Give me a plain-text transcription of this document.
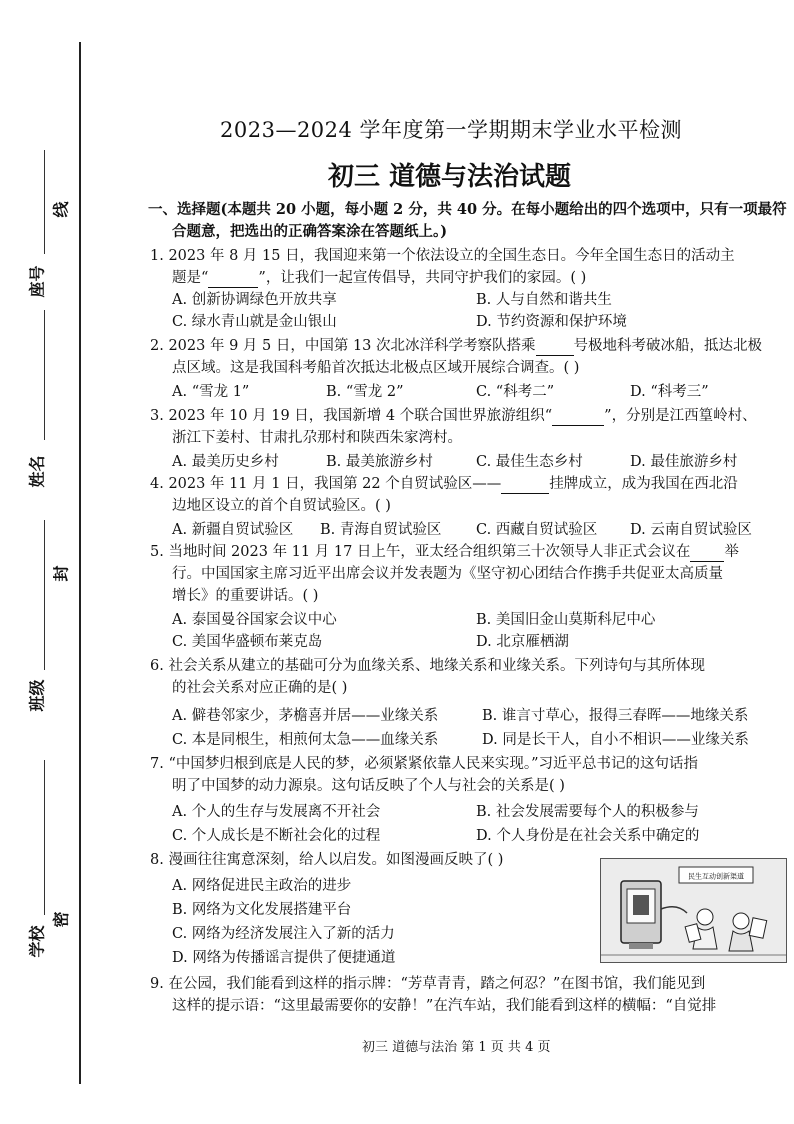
线
座号
姓名
封
班级
学校
密
2023—2024 学年度第一学期期末学业水平检测
初三 道德与法治试题
一、选择题(本题共 20 小题，每小题 2 分，共 40 分。在每小题给出的四个选项中，只有一项最符
合题意，把选出的正确答案涂在答题纸上。)
1. 2023 年 8 月 15 日，我国迎来第一个依法设立的全国生态日。今年全国生态日的活动主
题是“	”，让我们一起宣传倡导，共同守护我们的家园。( )
A. 创新协调绿色开放共享	B. 人与自然和谐共生
C. 绿水青山就是金山银山	D. 节约资源和保护环境
2. 2023 年 9 月 5 日，中国第 13 次北冰洋科学考察队搭乘	号极地科考破冰船，抵达北极
点区域。这是我国科考船首次抵达北极点区域开展综合调查。( )
A. “雪龙 1”	B. “雪龙 2”	C. “科考二”	D. “科考三”
3. 2023 年 10 月 19 日，我国新增 4 个联合国世界旅游组织“	”，分别是江西篁岭村、
浙江下姜村、甘肃扎尕那村和陕西朱家湾村。
A. 最美历史乡村	B. 最美旅游乡村	C. 最佳生态乡村	D. 最佳旅游乡村
4. 2023 年 11 月 1 日，我国第 22 个自贸试验区——	挂牌成立，成为我国在西北沿
边地区设立的首个自贸试验区。( )
A. 新疆自贸试验区 B. 青海自贸试验区 C. 西藏自贸试验区 D. 云南自贸试验区
5. 当地时间 2023 年 11 月 17 日上午，亚太经合组织第三十次领导人非正式会议在 举
行。中国国家主席习近平出席会议并发表题为《坚守初心团结合作携手共促亚太高质量
增长》的重要讲话。( )
A. 泰国曼谷国家会议中心	B. 美国旧金山莫斯科尼中心
C. 美国华盛顿布莱克岛	D. 北京雁栖湖
6. 社会关系从建立的基础可分为血缘关系、地缘关系和业缘关系。下列诗句与其所体现
的社会关系对应正确的是( )
A. 僻巷邻家少，茅檐喜并居——业缘关系	B. 谁言寸草心，报得三春晖——地缘关系
C. 本是同根生，相煎何太急——血缘关系	D. 同是长干人，自小不相识——业缘关系
7. “中国梦归根到底是人民的梦，必须紧紧依靠人民来实现。”习近平总书记的这句话指
明了中国梦的动力源泉。这句话反映了个人与社会的关系是( )
A. 个人的生存与发展离不开社会	B. 社会发展需要每个人的积极参与
C. 个人成长是不断社会化的过程	D. 个人身份是在社会关系中确定的
8. 漫画往往寓意深刻，给人以启发。如图漫画反映了( )
A. 网络促进民主政治的进步
B. 网络为文化发展搭建平台
C. 网络为经济发展注入了新的活力
D. 网络为传播谣言提供了便捷通道
民生互动创新渠道
9. 在公园，我们能看到这样的指示牌：“芳草青青，踏之何忍？”在图书馆，我们能见到
这样的提示语：“这里最需要你的安静！”在汽车站，我们能看到这样的横幅：“自觉排
初三 道德与法治 第 1 页 共 4 页
